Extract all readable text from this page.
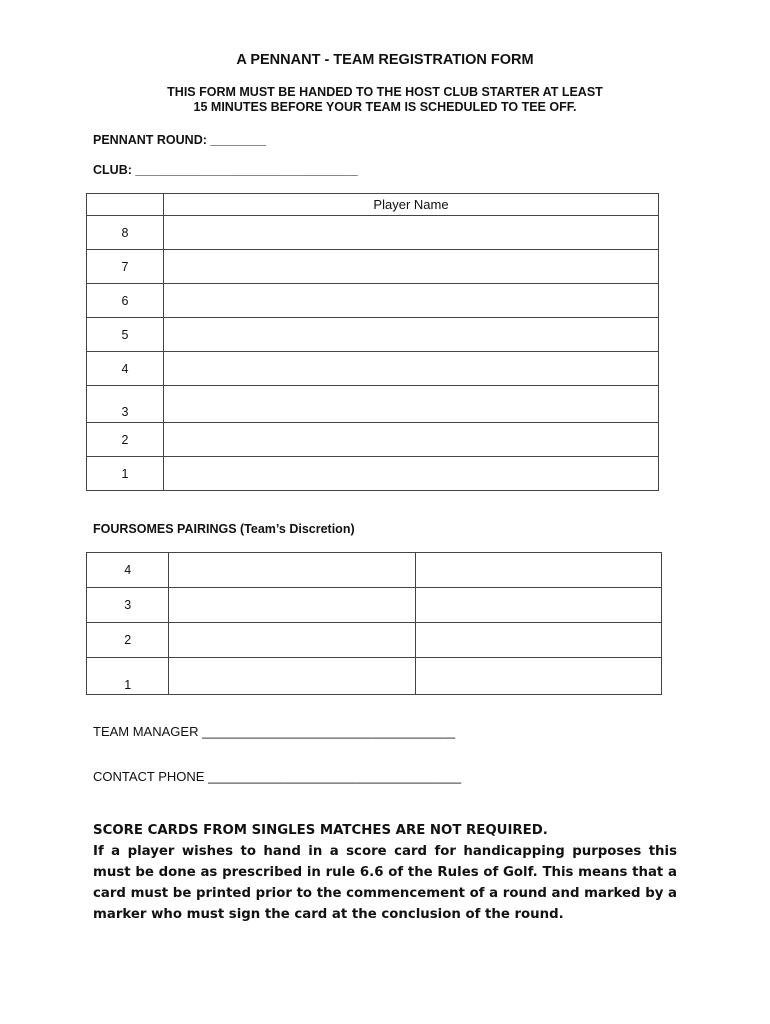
A PENNANT - TEAM REGISTRATION FORM
THIS FORM MUST BE HANDED TO THE HOST CLUB STARTER AT LEAST
15 MINUTES BEFORE YOUR TEAM IS SCHEDULED TO TEE OFF.
PENNANT ROUND: ________
CLUB: ________________________________
	Player Name
8	
7	
6	
5	
4	
3	
2	
1	
FOURSOMES PAIRINGS (Team’s Discretion)
4		
3		
2		
1		
TEAM MANAGER ___________________________________
CONTACT PHONE ___________________________________

SCORE CARDS FROM SINGLES MATCHES ARE NOT REQUIRED.

If a player wishes to hand in a score card for handicapping purposes this must be done as prescribed in rule 6.6 of the Rules of Golf. This means that a card must be printed prior to the commencement of a round and marked by a marker who must sign the card at the conclusion of the round.
